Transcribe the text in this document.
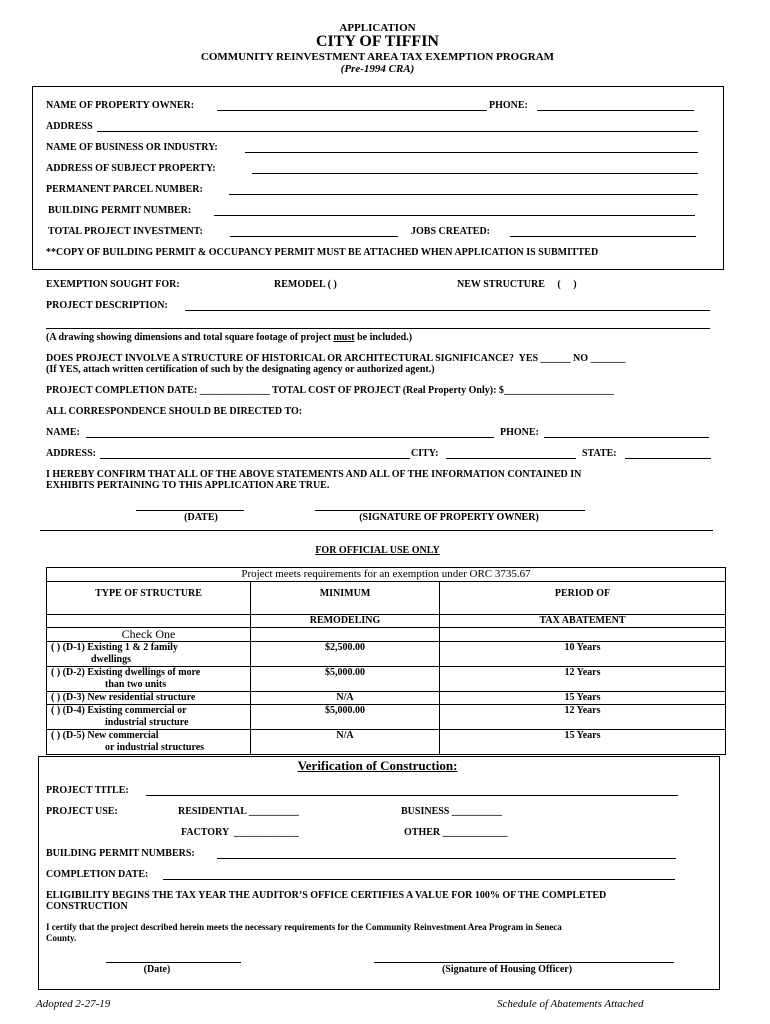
APPLICATION
CITY OF TIFFIN
COMMUNITY REINVESTMENT AREA TAX EXEMPTION PROGRAM
(Pre-1994 CRA)
NAME OF PROPERTY OWNER:	PHONE:
ADDRESS
NAME OF BUSINESS OR INDUSTRY:
ADDRESS OF SUBJECT PROPERTY:
PERMANENT PARCEL NUMBER:
BUILDING PERMIT NUMBER:
TOTAL PROJECT INVESTMENT:	JOBS CREATED:
**COPY OF BUILDING PERMIT & OCCUPANCY PERMIT MUST BE ATTACHED WHEN APPLICATION IS SUBMITTED
EXEMPTION SOUGHT FOR:	REMODEL ( )	NEW STRUCTURE     (     )
PROJECT DESCRIPTION:
(A drawing showing dimensions and total square footage of project must be included.)
DOES PROJECT INVOLVE A STRUCTURE OF HISTORICAL OR ARCHITECTURAL SIGNIFICANCE?  YES ______ NO _______
(If YES, attach written certification of such by the designating agency or authorized agent.)
PROJECT COMPLETION DATE: ______________ TOTAL COST OF PROJECT (Real Property Only): $______________________
ALL CORRESPONDENCE SHOULD BE DIRECTED TO:
NAME:	PHONE:
ADDRESS:	CITY:	STATE:
I HEREBY CONFIRM THAT ALL OF THE ABOVE STATEMENTS AND ALL OF THE INFORMATION CONTAINED IN
EXHIBITS PERTAINING TO THIS APPLICATION ARE TRUE.
(DATE)	(SIGNATURE OF PROPERTY OWNER)
FOR OFFICIAL USE ONLY
Project meets requirements for an exemption under ORC 3735.67		
TYPE OF STRUCTURE	MINIMUM	PERIOD OF
	REMODELING	TAX ABATEMENT
Check One		
( ) (D-1) Existing 1 & 2 family
dwellings	$2,500.00	10 Years
( ) (D-2) Existing dwellings of more
than two units	$5,000.00	12 Years
( ) (D-3) New residential structure	N/A	15 Years
( ) (D-4) Existing commercial or
industrial structure	$5,000.00	12 Years
( ) (D-5) New commercial
or industrial structures	N/A	15 Years
Verification of Construction:
PROJECT TITLE:
PROJECT USE:	RESIDENTIAL __________	BUSINESS __________
FACTORY  _____________	OTHER _____________
BUILDING PERMIT NUMBERS:
COMPLETION DATE:
ELIGIBILITY BEGINS THE TAX YEAR THE AUDITOR’S OFFICE CERTIFIES A VALUE FOR 100% OF THE COMPLETED
CONSTRUCTION
I certify that the project described herein meets the necessary requirements for the Community Reinvestment Area Program in Seneca
County.
(Date)	(Signature of Housing Officer)
Adopted 2-27-19	Schedule of Abatements Attached
